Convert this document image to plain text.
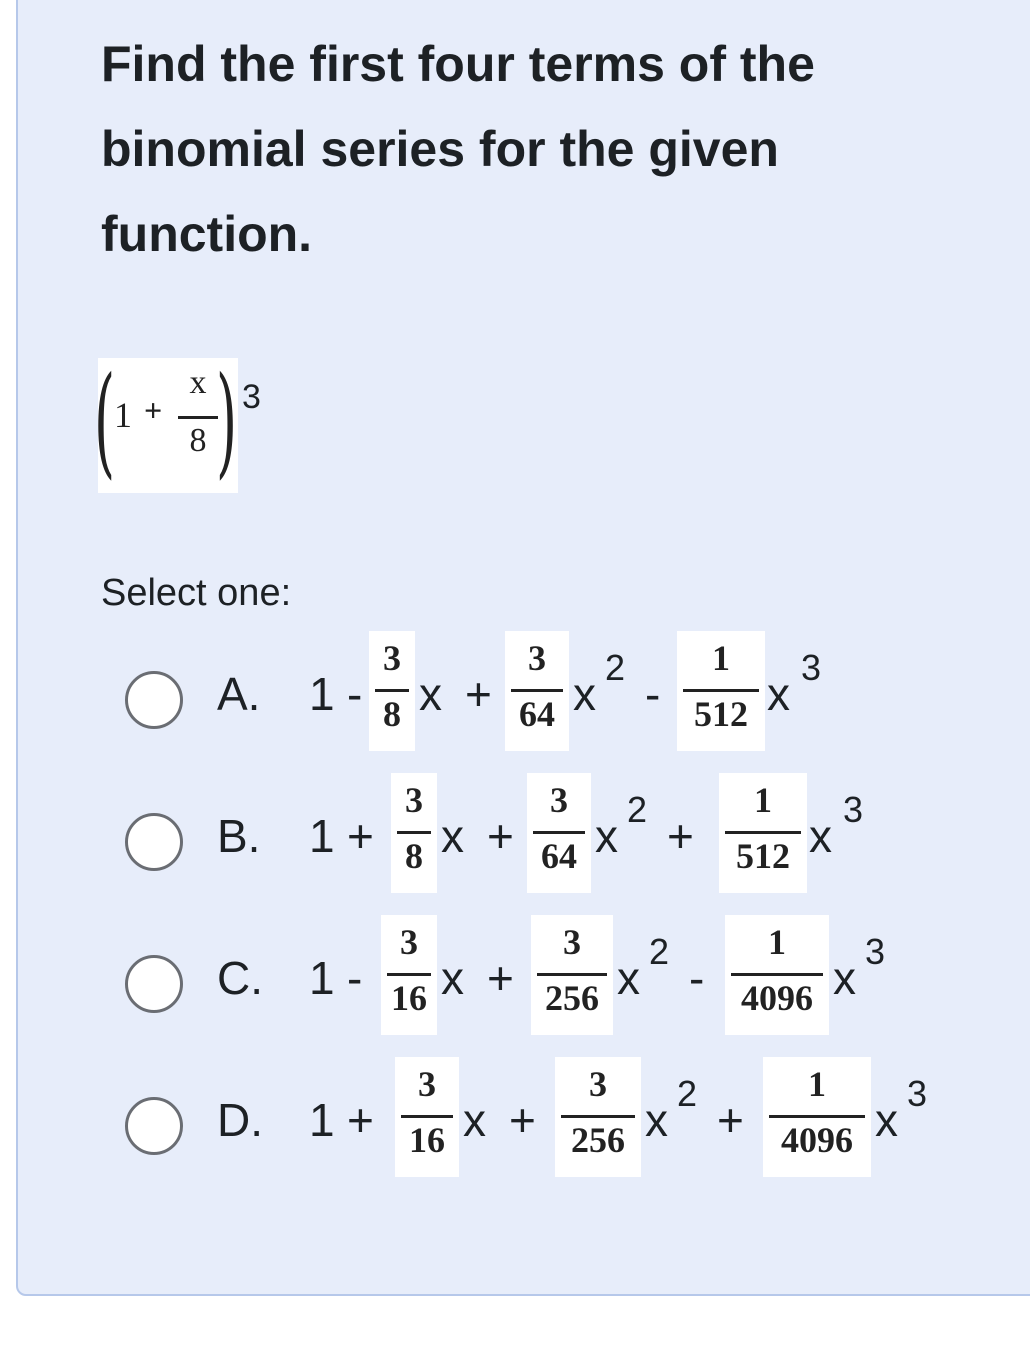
Find the first four terms of the binomial series for the given function.
(
1 +
x
8 ) 3
Select one:
A. 1 -
3
8 x +
3
64 x
2
-
1
512 x
3
B. 1 +
3
8 x +
3
64 x
2
+
1
512 x
3
C. 1 -
3
16 x +
3
256 x
2
-
1
4096 x
3
D. 1 +
3
16 x +
3
256 x
2
+
1
4096 x
3
